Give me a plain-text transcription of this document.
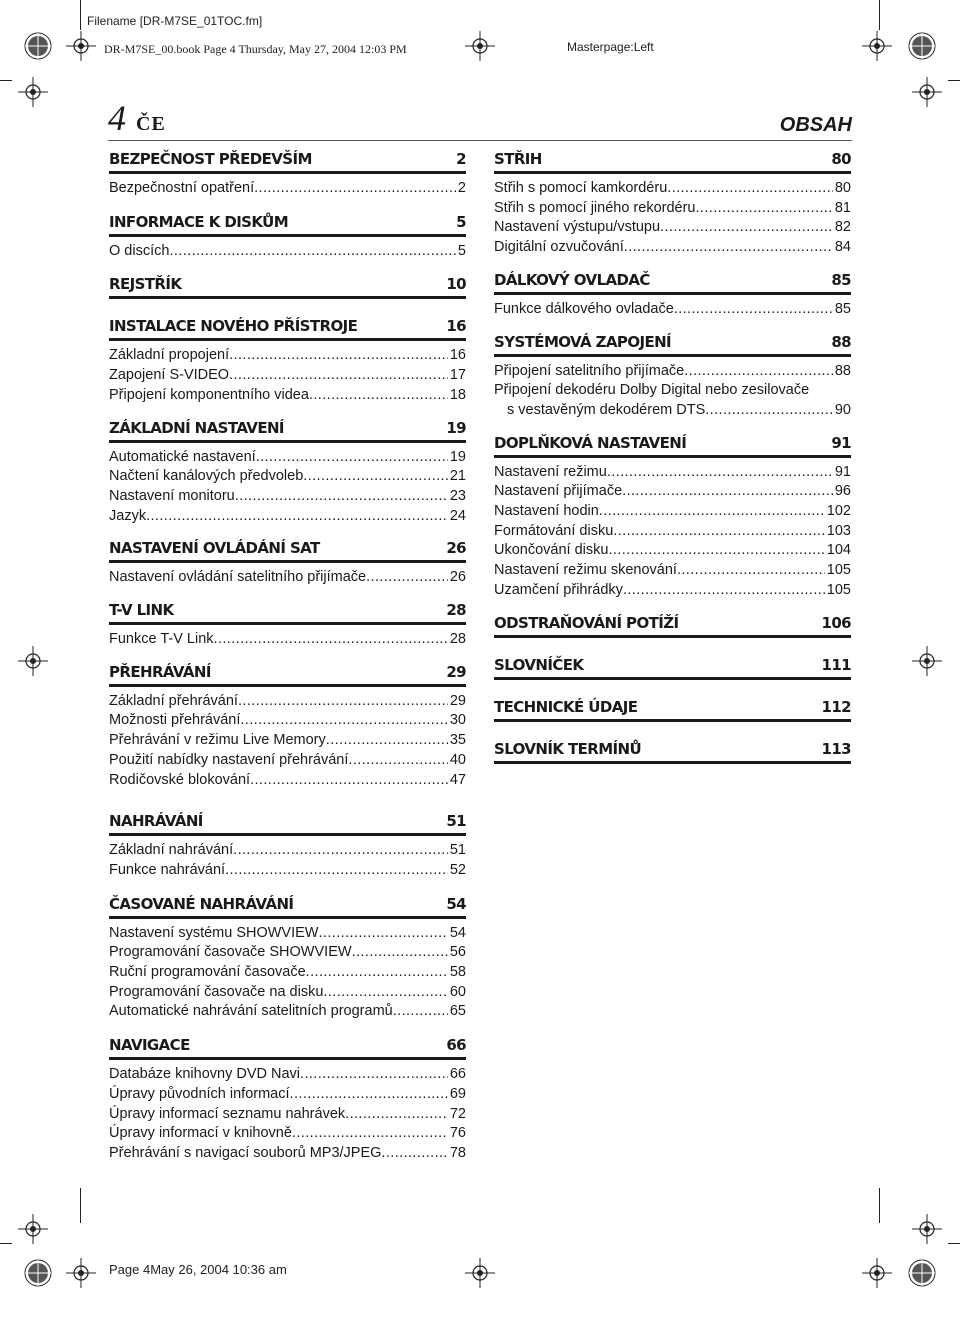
Filename [DR-M7SE_01TOC.fm]
DR-M7SE_00.book Page 4 Thursday, May 27, 2004 12:03 PM	Masterpage:Left
4 ČE	OBSAH
BEZPEČNOST PŘEDEVŠÍM	2
Bezpečnostní opatření .....	2
INFORMACE K DISKŮM	5
O discích .....	5
REJSTŘÍK	10
INSTALACE NOVÉHO PŘÍSTROJE	16
Základní propojení .....	16
Zapojení S-VIDEO .....	17
Připojení komponentního videa .....	18
ZÁKLADNÍ NASTAVENÍ	19
Automatické nastavení .....	19
Načtení kanálových předvoleb .....	21
Nastavení monitoru .....	23
Jazyk .....	24
NASTAVENÍ OVLÁDÁNÍ SAT	26
Nastavení ovládání satelitního přijímače .....	26
T-V LINK	28
Funkce T-V Link .....	28
PŘEHRÁVÁNÍ	29
Základní přehrávání .....	29
Možnosti přehrávání .....	30
Přehrávání v režimu Live Memory .....	35
Použití nabídky nastavení přehrávání .....	40
Rodičovské blokování .....	47
NAHRÁVÁNÍ	51
Základní nahrávání .....	51
Funkce nahrávání .....	52
ČASOVANÉ NAHRÁVÁNÍ	54
Nastavení systému SHOWVIEW .....	54
Programování časovače SHOWVIEW .....	56
Ruční programování časovače .....	58
Programování časovače na disku .....	60
Automatické nahrávání satelitních programů .....	65
NAVIGACE	66
Databáze knihovny DVD Navi .....	66
Úpravy původních informací .....	69
Úpravy informací seznamu nahrávek .....	72
Úpravy informací v knihovně .....	76
Přehrávání s navigací souborů MP3/JPEG .....	78
STŘIH	80
Střih s pomocí kamkordéru .....	80
Střih s pomocí jiného rekordéru .....	81
Nastavení výstupu/vstupu .....	82
Digitální ozvučování .....	84
DÁLKOVÝ OVLADAČ	85
Funkce dálkového ovladače .....	85
SYSTÉMOVÁ ZAPOJENÍ	88
Připojení satelitního přijímače .....	88
Připojení dekodéru Dolby Digital nebo zesilovače
s vestavěným dekodérem DTS .....	90
DOPLŇKOVÁ NASTAVENÍ	91
Nastavení režimu .....	91
Nastavení přijímače .....	96
Nastavení hodin .....	102
Formátování disku .....	103
Ukončování disku .....	104
Nastavení režimu skenování .....	105
Uzamčení přihrádky .....	105
ODSTRAŇOVÁNÍ POTÍŽÍ	106
SLOVNÍČEK	111
TECHNICKÉ ÚDAJE	112
SLOVNÍK TERMÍNŮ	113
Page 4May 26, 2004 10:36 am
